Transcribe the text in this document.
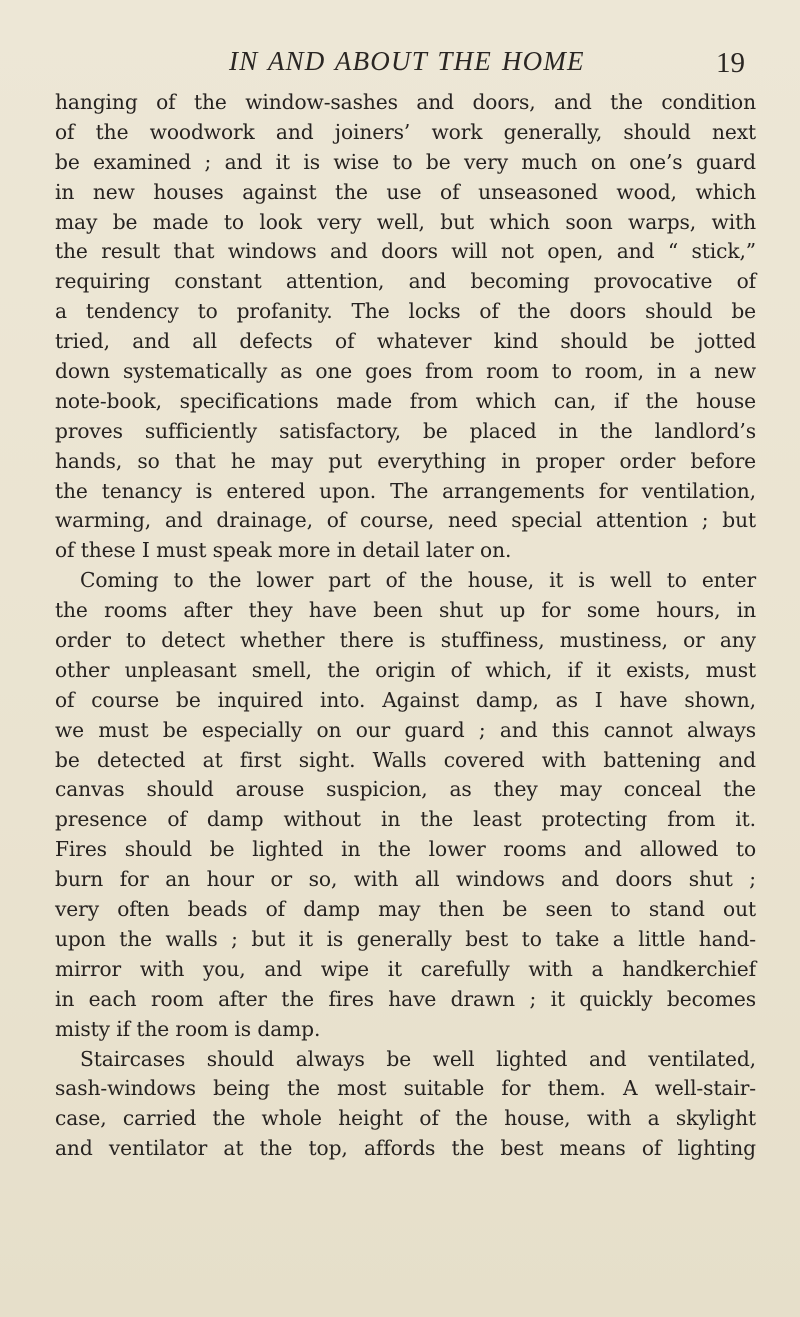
IN AND ABOUT THE HOME	19
hanging of the window-sashes and doors, and the condition
of the woodwork and joiners’ work generally, should next
be examined ; and it is wise to be very much on one’s guard
in new houses against the use of unseasoned wood, which
may be made to look very well, but which soon warps, with
the result that windows and doors will not open, and “ stick,”
requiring constant attention, and becoming provocative of
a tendency to profanity. The locks of the doors should be
tried, and all defects of whatever kind should be jotted
down systematically as one goes from room to room, in a new
note-book, specifications made from which can, if the house
proves sufficiently satisfactory, be placed in the landlord’s
hands, so that he may put everything in proper order before
the tenancy is entered upon. The arrangements for ventilation,
warming, and drainage, of course, need special attention ; but
of these I must speak more in detail later on.
Coming to the lower part of the house, it is well to enter
the rooms after they have been shut up for some hours, in
order to detect whether there is stuffiness, mustiness, or any
other unpleasant smell, the origin of which, if it exists, must
of course be inquired into. Against damp, as I have shown,
we must be especially on our guard ; and this cannot always
be detected at first sight. Walls covered with battening and
canvas should arouse suspicion, as they may conceal the
presence of damp without in the least protecting from it.
Fires should be lighted in the lower rooms and allowed to
burn for an hour or so, with all windows and doors shut ;
very often beads of damp may then be seen to stand out
upon the walls ; but it is generally best to take a little hand-
mirror with you, and wipe it carefully with a handkerchief
in each room after the fires have drawn ; it quickly becomes
misty if the room is damp.
Staircases should always be well lighted and ventilated,
sash-windows being the most suitable for them. A well-stair-
case, carried the whole height of the house, with a skylight
and ventilator at the top, affords the best means of lighting
